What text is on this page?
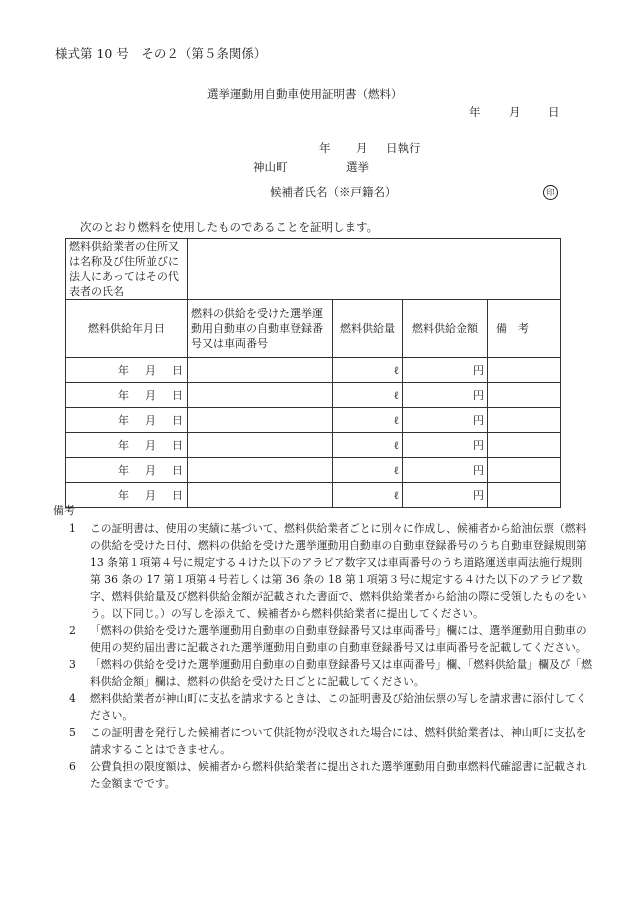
様式第 10 号　その２（第５条関係）
選挙運動用自動車使用証明書（燃料）
年 月 日
年 月 日執行
神山町	選挙
候補者氏名（※戸籍名）	印
次のとおり燃料を使用したものであることを証明します。
燃料供給業者の住所又は名称及び住所並びに法人にあってはその代表者の氏名				
燃料供給年月日	燃料の供給を受けた選挙運動用自動車の自動車登録番号又は車両番号	燃料供給量	燃料供給金額	備　考
年 月 日		ℓ	円	
年 月 日		ℓ	円	
年 月 日		ℓ	円	
年 月 日		ℓ	円	
年 月 日		ℓ	円	
年 月 日		ℓ	円	
備考
1	この証明書は、使用の実績に基づいて、燃料供給業者ごとに別々に作成し、候補者から給油伝票（燃料の供給を受けた日付、燃料の供給を受けた選挙運動用自動車の自動車登録番号のうち自動車登録規則第 13 条第１項第４号に規定する４けた以下のアラビア数字又は車両番号のうち道路運送車両法施行規則第 36 条の 17 第１項第４号若しくは第 36 条の 18 第１項第３号に規定する４けた以下のアラビア数字、燃料供給量及び燃料供給金額が記載された書面で、燃料供給業者から給油の際に受領したものをいう。以下同じ。）の写しを添えて、候補者から燃料供給業者に提出してください。
2	「燃料の供給を受けた選挙運動用自動車の自動車登録番号又は車両番号」欄には、選挙運動用自動車の使用の契約届出書に記載された選挙運動用自動車の自動車登録番号又は車両番号を記載してください。
3	「燃料の供給を受けた選挙運動用自動車の自動車登録番号又は車両番号」欄、「燃料供給量」欄及び「燃料供給金額」欄は、燃料の供給を受けた日ごとに記載してください。
4	燃料供給業者が神山町に支払を請求するときは、この証明書及び給油伝票の写しを請求書に添付してください。
5	この証明書を発行した候補者について供託物が没収された場合には、燃料供給業者は、神山町に支払を請求することはできません。
6	公費負担の限度額は、候補者から燃料供給業者に提出された選挙運動用自動車燃料代確認書に記載された金額までです。
